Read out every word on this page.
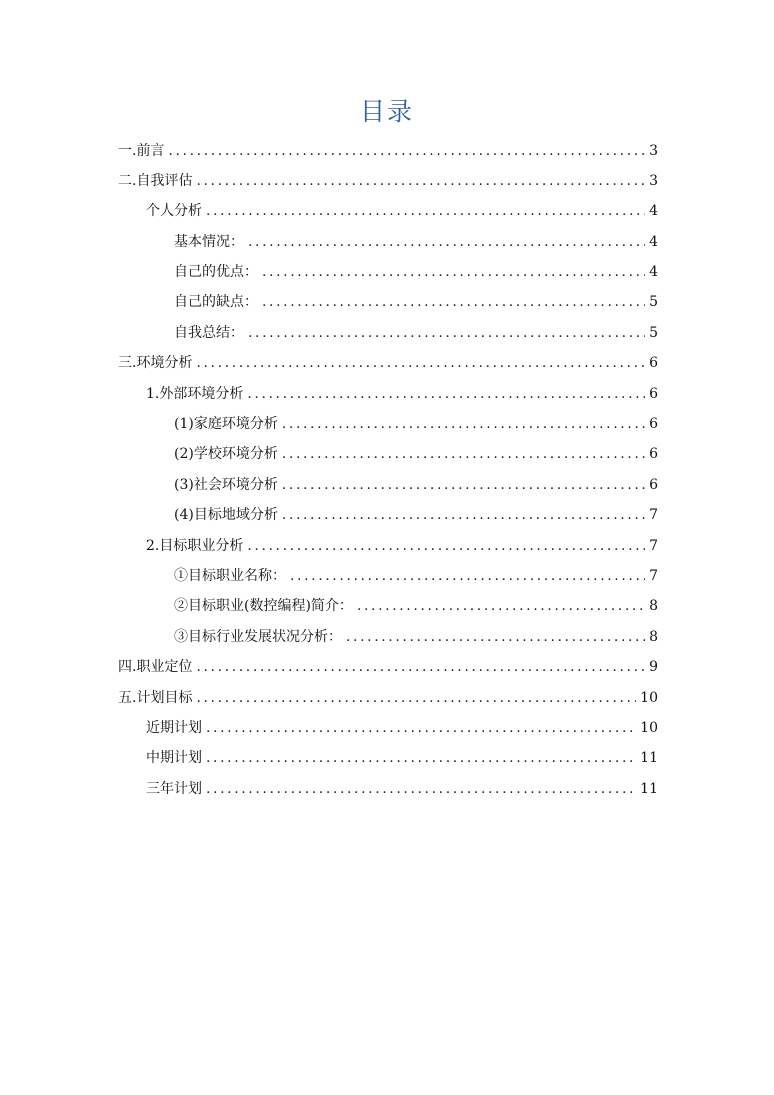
目录
一.前言 .....	3
二.自我评估 .....	3
个人分析 .....	4
基本情况： .....	4
自己的优点： .....	4
自己的缺点： .....	5
自我总结： .....	5
三.环境分析 .....	6
1.外部环境分析 .....	6
(1)家庭环境分析 .....	6
(2)学校环境分析 .....	6
(3)社会环境分析 .....	6
(4)目标地域分析 .....	7
2.目标职业分析 .....	7
①目标职业名称： .....	7
②目标职业(数控编程)简介： .....	8
③目标行业发展状况分析： .....	8
四.职业定位 .....	9
五.计划目标 .....	10
近期计划 .....	10
中期计划 .....	11
三年计划 .....	11
